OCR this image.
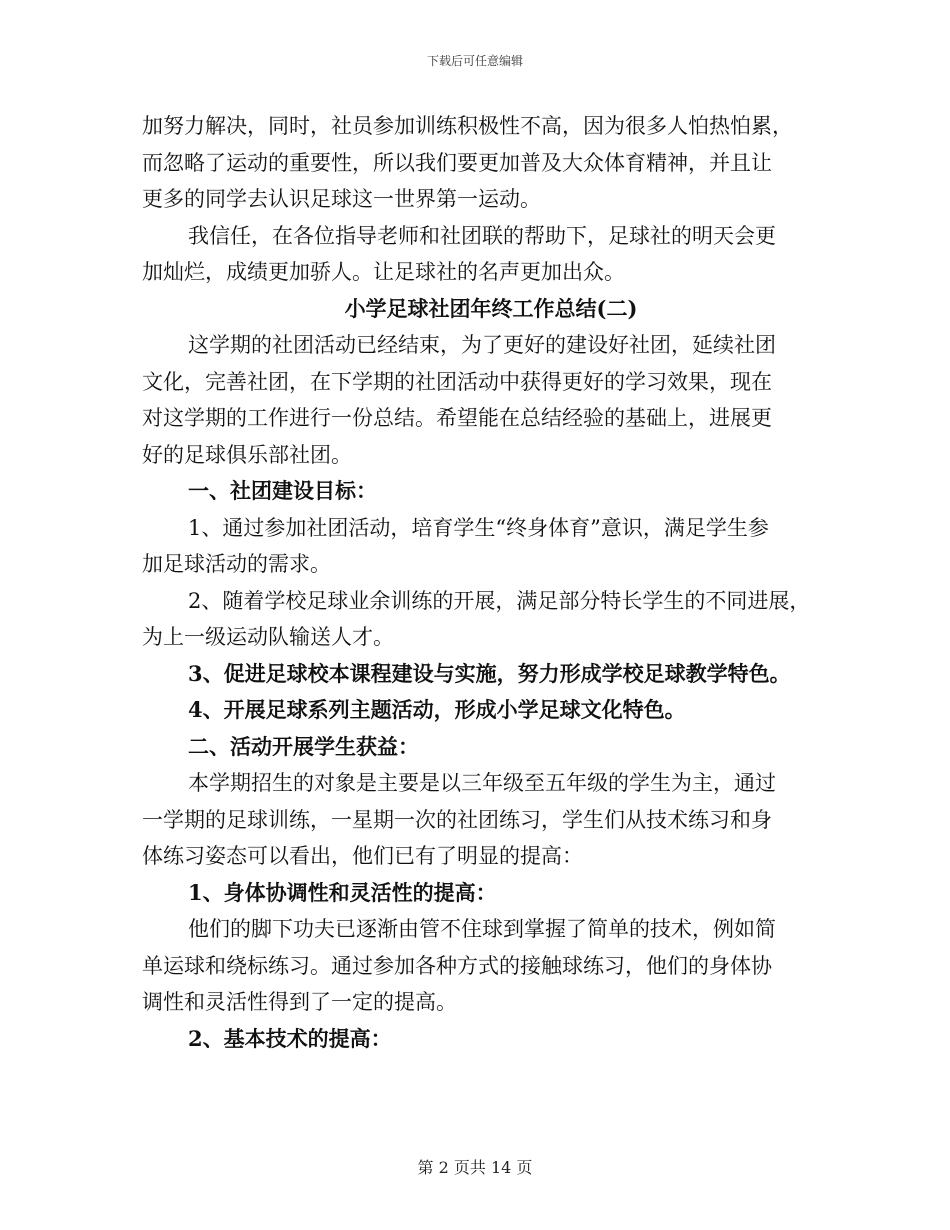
下载后可任意编辑
加努力解决，同时，社员参加训练积极性不高，因为很多人怕热怕累，
而忽略了运动的重要性，所以我们要更加普及大众体育精神，并且让
更多的同学去认识足球这一世界第一运动。
我信任，在各位指导老师和社团联的帮助下，足球社的明天会更
加灿烂，成绩更加骄人。让足球社的名声更加出众。
小学足球社团年终工作总结(二)
这学期的社团活动已经结束，为了更好的建设好社团，延续社团
文化，完善社团，在下学期的社团活动中获得更好的学习效果，现在
对这学期的工作进行一份总结。希望能在总结经验的基础上，进展更
好的足球俱乐部社团。
一、社团建设目标：
1、通过参加社团活动，培育学生“终身体育”意识，满足学生参
加足球活动的需求。
2、随着学校足球业余训练的开展，满足部分特长学生的不同进展，
为上一级运动队输送人才。
3、促进足球校本课程建设与实施，努力形成学校足球教学特色。
4、开展足球系列主题活动，形成小学足球文化特色。
二、活动开展学生获益：
本学期招生的对象是主要是以三年级至五年级的学生为主，通过
一学期的足球训练，一星期一次的社团练习，学生们从技术练习和身
体练习姿态可以看出，他们已有了明显的提高：
1、身体协调性和灵活性的提高：
他们的脚下功夫已逐渐由管不住球到掌握了简单的技术，例如简
单运球和绕标练习。通过参加各种方式的接触球练习，他们的身体协
调性和灵活性得到了一定的提高。
2、基本技术的提高：
第 2 页共 14 页
